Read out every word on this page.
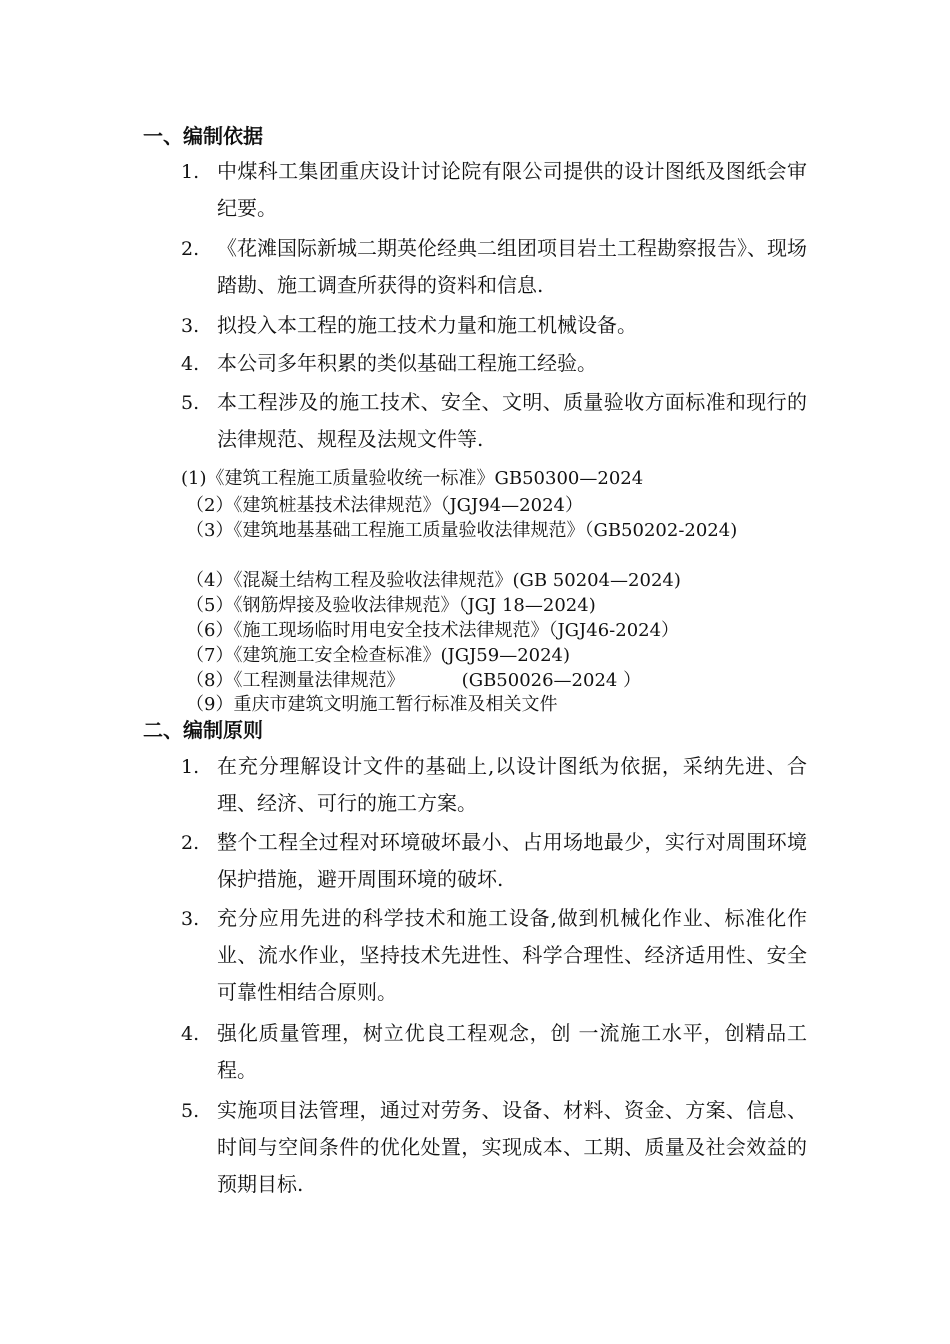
一、编制依据
1. 中煤科工集团重庆设计讨论院有限公司提供的设计图纸及图纸会审纪要。
2. 《花滩国际新城二期英伦经典二组团项目岩土工程勘察报告》、现场踏勘、施工调查所获得的资料和信息.
3. 拟投入本工程的施工技术力量和施工机械设备。
4. 本公司多年积累的类似基础工程施工经验。
5. 本工程涉及的施工技术、安全、文明、质量验收方面标准和现行的法律规范、规程及法规文件等.
(1)《建筑工程施工质量验收统一标准》GB50300—2024
（2）《建筑桩基技术法律规范》（JGJ94—2024）
（3）《建筑地基基础工程施工质量验收法律规范》（GB50202-2024)
（4）《混凝土结构工程及验收法律规范》(GB 50204—2024)
（5）《钢筋焊接及验收法律规范》（JGJ 18—2024)
（6）《施工现场临时用电安全技术法律规范》（JGJ46-2024）
（7）《建筑施工安全检查标准》(JGJ59—2024)
（8）《工程测量法律规范》          (GB50026—2024 ）
（9）重庆市建筑文明施工暂行标准及相关文件
二、编制原则
1. 在充分理解设计文件的基础上,以设计图纸为依据，采纳先进、合理、经济、可行的施工方案。
2. 整个工程全过程对环境破坏最小、占用场地最少，实行对周围环境保护措施，避开周围环境的破坏.
3. 充分应用先进的科学技术和施工设备,做到机械化作业、标准化作业、流水作业，坚持技术先进性、科学合理性、经济适用性、安全可靠性相结合原则。
4. 强化质量管理，树立优良工程观念，创 一流施工水平，创精品工程。
5. 实施项目法管理，通过对劳务、设备、材料、资金、方案、信息、时间与空间条件的优化处置，实现成本、工期、质量及社会效益的预期目标.
